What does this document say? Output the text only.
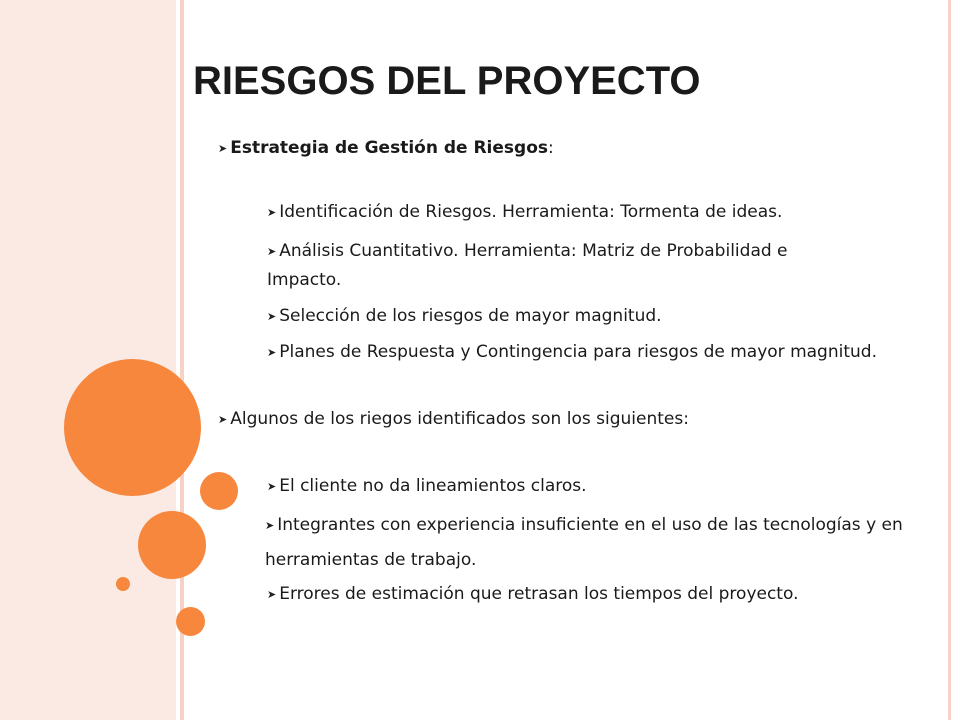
RIESGOS DEL PROYECTO

➤ Estrategia de Gestión de Riesgos:

➤ Identificación de Riesgos. Herramienta: Tormenta de ideas.

➤ Análisis Cuantitativo. Herramienta: Matriz de Probabilidad e Impacto.

➤ Selección de los riesgos de mayor magnitud.

➤ Planes de Respuesta y Contingencia para riesgos de mayor magnitud.

➤ Algunos de los riegos identificados son los siguientes:

➤ El cliente no da lineamientos claros.

➤ Integrantes con experiencia insuficiente en el uso de las tecnologías y en herramientas de trabajo.

➤ Errores de estimación que retrasan los tiempos del proyecto.
